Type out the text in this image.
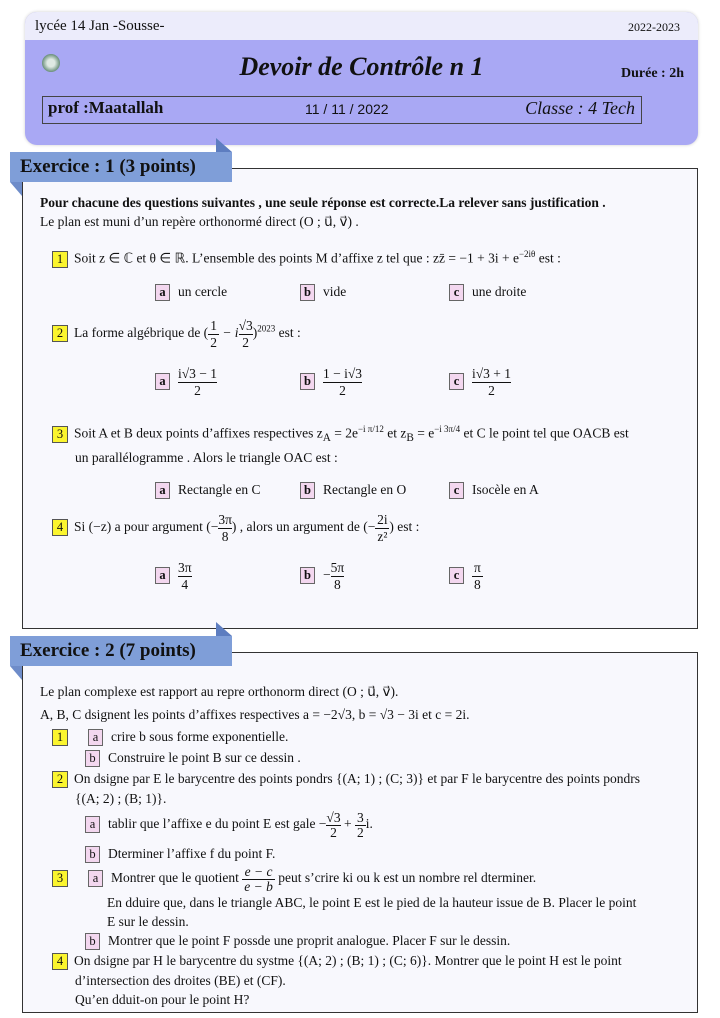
lycée 14 Jan -Sousse-	2022-2023
Devoir de Contrôle n 1	Durée : 2h
prof :Maatallah	11 / 11 / 2022	Classe : 4 Tech
Exercice : 1 (3 points)
Pour chacune des questions suivantes , une seule réponse est correcte.La relever sans justification .
Le plan est muni d’un repère orthonormé direct (O ; u⃗, v⃗) .
1 Soit z ∈ ℂ et θ ∈ ℝ. L’ensemble des points M d’affixe z tel que : zz̄ = $-1 + 3i + e^{-2i\theta}$ est :
a un cercle	b vide	c une droite
2 La forme algébrique de ( $\frac{1}{2} - i \frac{√3}{2} )^{2023}$ est :
a $\frac{i√3 - 1}{2}$	b $\frac{1 - i√3}{2}$	c $\frac{i√3 + 1}{2}$
3 Soit A et B deux points d’affixes respectives $z_A = 2e^{-i \pi/12}$ et $z_B = e^{-i 3\pi/4}$ et C le point tel que OACB est
un parallélogramme . Alors le triangle OAC est :
a Rectangle en C	b Rectangle en O	c Isocèle en A
4 Si (−z) a pour argument (− $\frac{3\pi}{8}$ ) , alors un argument de (− $\frac{2i}{\text{z²}}$ ) est :
a $\frac{3\pi}{4}$	$b - \frac{5\pi}{8}$	c $\frac{\pi}{8}$
Exercice : 2 (7 points)
Le plan complexe est rapport au repre orthonorm direct (O ; u⃗, v⃗).
A, B, C dsignent les points d’affixes respectives a = −2√3, b = √3 − 3i et c = 2i.
1 a crire b sous forme exponentielle.
b Construire le point B sur ce dessin .
2 On dsigne par E le barycentre des points pondrs {(A; 1) ; (C; 3)} et par F le barycentre des points pondrs
{(A; 2) ; (B; 1)}.
a tablir que l’affixe e du point E est gale − $\frac{√3}{2} + \frac{3}{2} i$.
b Dterminer l’affixe f du point F.
3 a Montrer que le quotient $\frac{e - c}{e - b}$ peut s’crire ki ou k est un nombre rel dterminer.
En dduire que, dans le triangle ABC, le point E est le pied de la hauteur issue de B. Placer le point
E sur le dessin.
b Montrer que le point F possde une proprit analogue. Placer F sur le dessin.
4 On dsigne par H le barycentre du systme {(A; 2) ; (B; 1) ; (C; 6)}. Montrer que le point H est le point
d’intersection des droites (BE) et (CF).
Qu’en dduit-on pour le point H?
